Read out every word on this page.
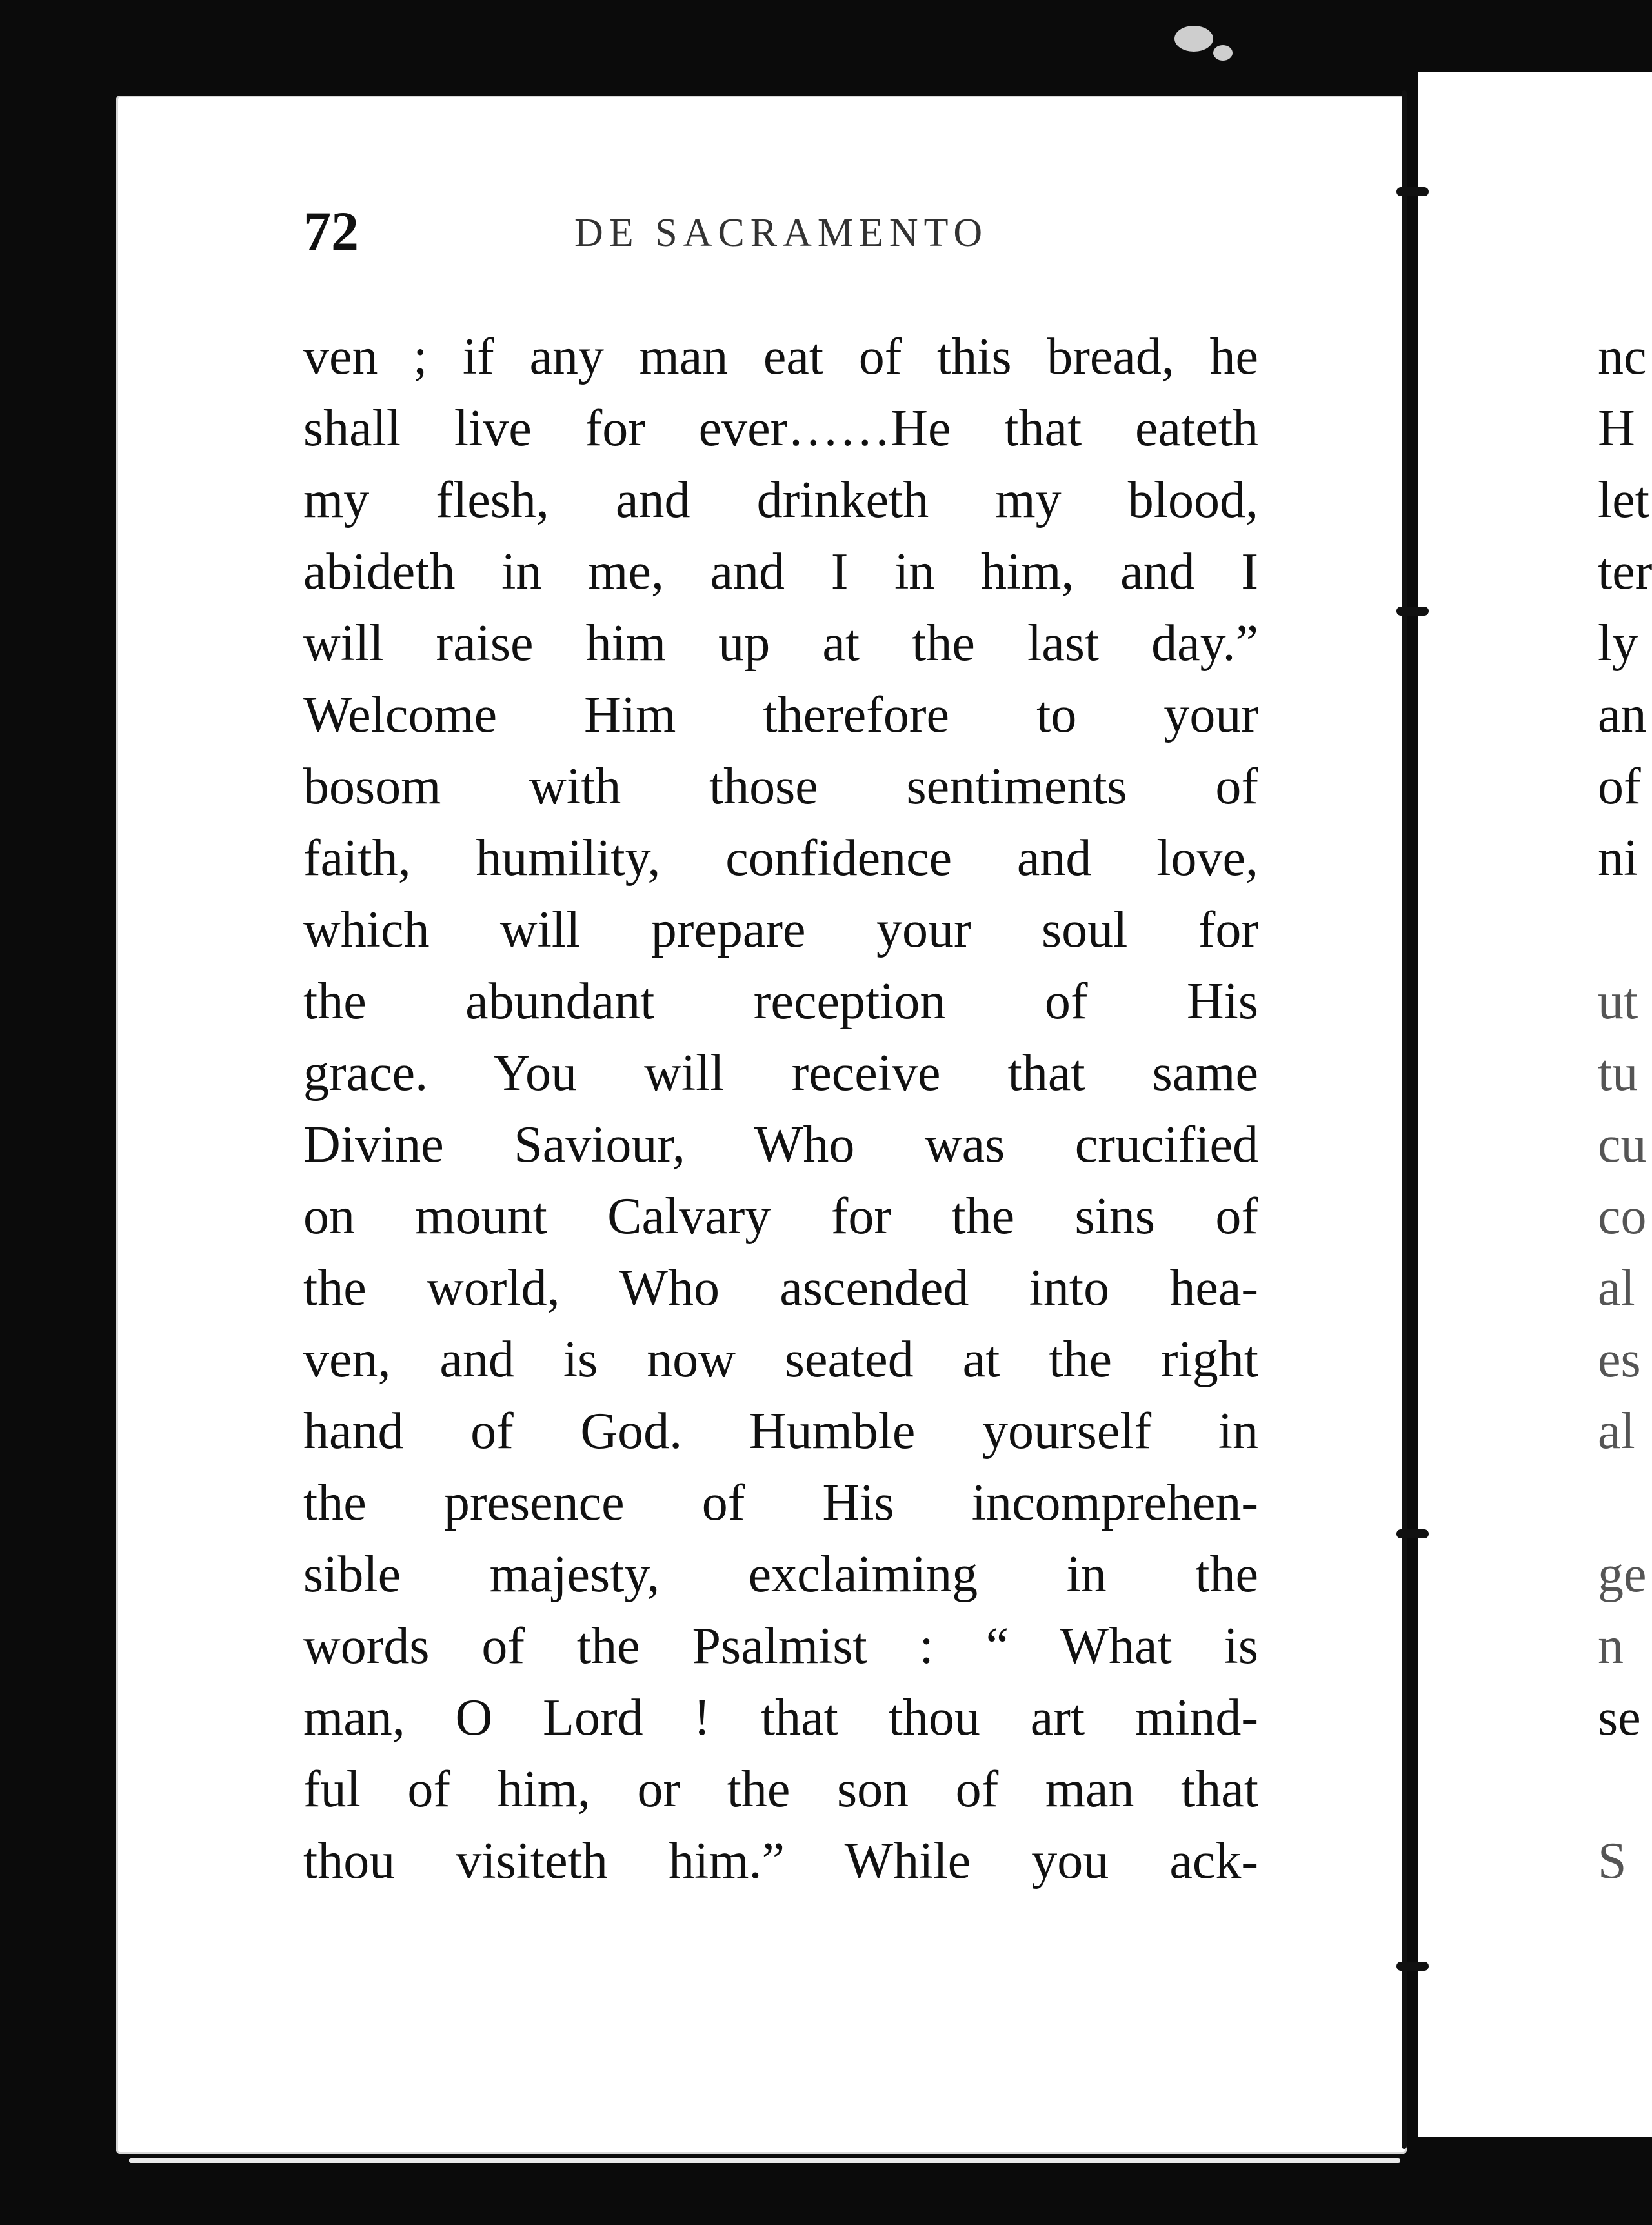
72	DE SACRAMENTO
ven ; if any man eat of this bread, he
shall live for ever……He that eateth
my flesh, and drinketh my blood,
abideth in me, and I in him, and I
will raise him up at the last day.”
Welcome Him therefore to your
bosom with those sentiments of
faith, humility, confidence and love,
which will prepare your soul for
the abundant reception of His
grace. You will receive that same
Divine Saviour, Who was crucified
on mount Calvary for the sins of
the world, Who ascended into hea-
ven, and is now seated at the right
hand of God. Humble yourself in
the presence of His incomprehen-
sible majesty, exclaiming in the
words of the Psalmist : “ What is
man, O Lord ! that thou art mind-
ful of him, or the son of man that
thou visiteth him.” While you ack-
nc
H
let
ter
ly
an
of
ni
ut
tu
cu
co
al
es
al
ge
n
se
S
